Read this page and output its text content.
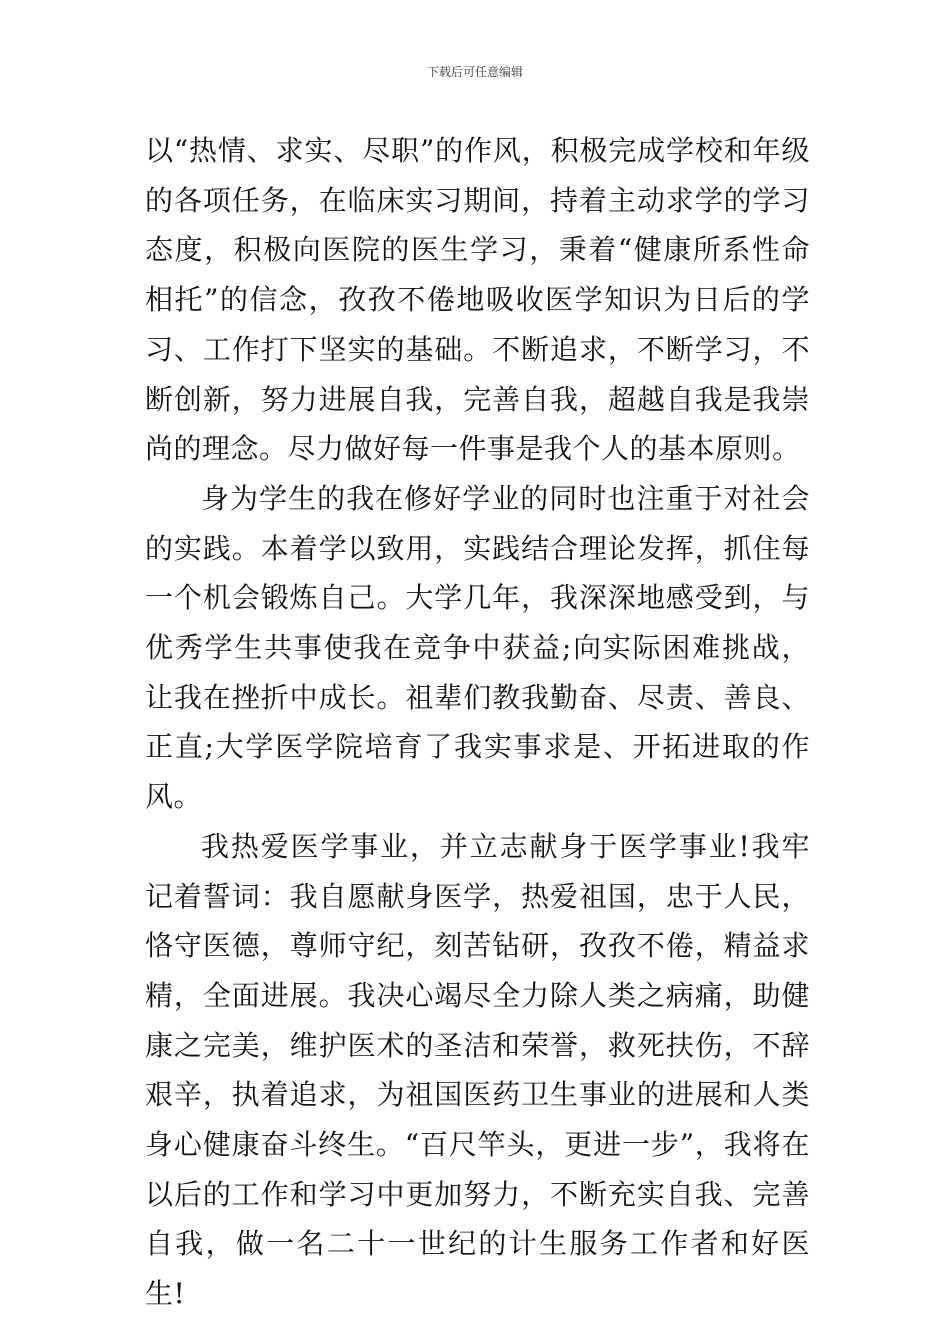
下载后可任意编辑

以“热情、求实、尽职”的作风，积极完成学校和年级的各项任务，在临床实习期间，持着主动求学的学习态度，积极向医院的医生学习，秉着“健康所系性命相托”的信念，孜孜不倦地吸收医学知识为日后的学习、工作打下坚实的基础。不断追求，不断学习，不断创新，努力进展自我，完善自我，超越自我是我崇尚的理念。尽力做好每一件事是我个人的基本原则。

身为学生的我在修好学业的同时也注重于对社会的实践。本着学以致用，实践结合理论发挥，抓住每一个机会锻炼自己。大学几年，我深深地感受到，与优秀学生共事使我在竞争中获益;向实际困难挑战，让我在挫折中成长。祖辈们教我勤奋、尽责、善良、正直;大学医学院培育了我实事求是、开拓进取的作风。

我热爱医学事业，并立志献身于医学事业!我牢记着誓词：我自愿献身医学，热爱祖国，忠于人民，恪守医德，尊师守纪，刻苦钻研，孜孜不倦，精益求精，全面进展。我决心竭尽全力除人类之病痛，助健康之完美，维护医术的圣洁和荣誉，救死扶伤，不辞艰辛，执着追求，为祖国医药卫生事业的进展和人类身心健康奋斗终生。“百尺竿头，更进一步”，我将在以后的工作和学习中更加努力，不断充实自我、完善自我，做一名二十一世纪的计生服务工作者和好医生!
